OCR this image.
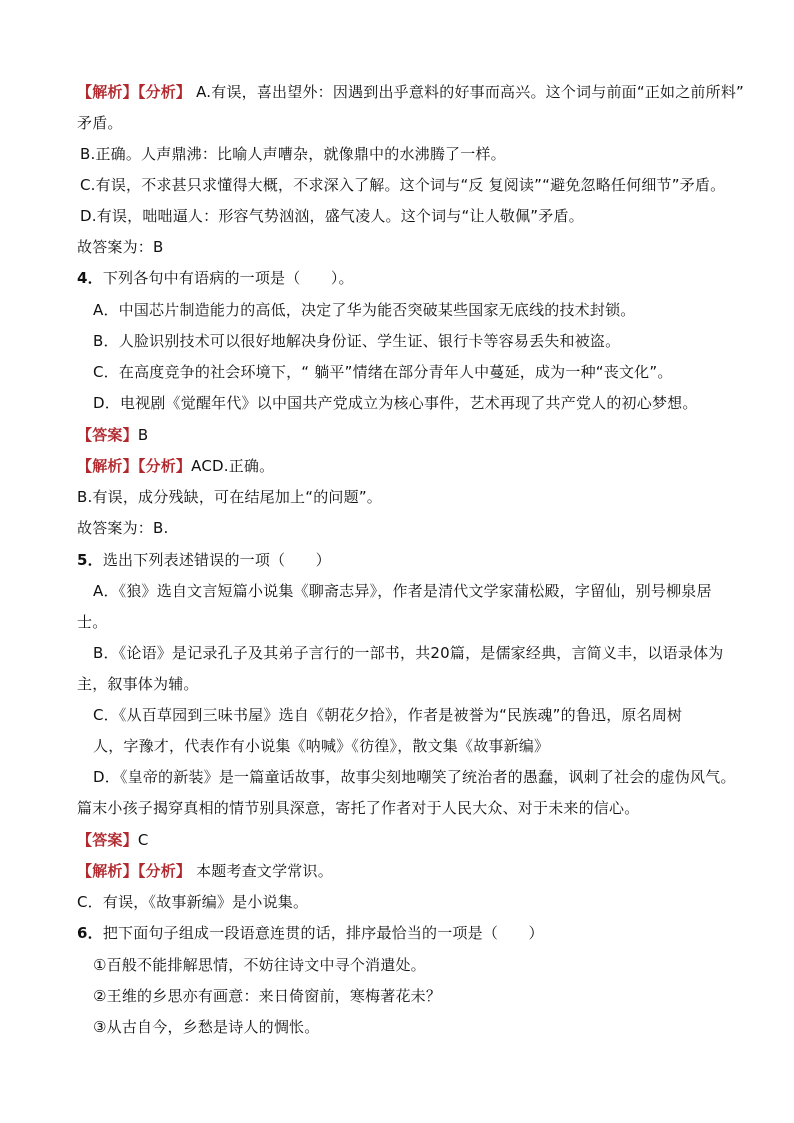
【解析】【分析】 A.有误，喜出望外：因遇到出乎意料的好事而高兴。这个词与前面“正如之前所料”
矛盾。
B.正确。人声鼎沸：比喻人声嘈杂，就像鼎中的水沸腾了一样。
C.有误，不求甚只求懂得大概，不求深入了解。这个词与“反 复阅读”“避免忽略任何细节”矛盾。
D.有误，咄咄逼人：形容气势汹汹，盛气凌人。这个词与“让人敬佩”矛盾。
故答案为：B
4．下列各句中有语病的一项是（　　）。
A．中国芯片制造能力的高低，决定了华为能否突破某些国家无底线的技术封锁。
B．人脸识别技术可以很好地解决身份证、学生证、银行卡等容易丢失和被盗。
C．在高度竞争的社会环境下，“ 躺平”情绪在部分青年人中蔓延，成为一种“丧文化”。
D．电视剧《觉醒年代》以中国共产党成立为核心事件，艺术再现了共产党人的初心梦想。
【答案】B
【解析】【分析】ACD.正确。
B.有误，成分残缺，可在结尾加上“的问题”。
故答案为：B.
5．选出下列表述错误的一项（　　）
A．《狼》选自文言短篇小说集《聊斋志异》，作者是清代文学家蒲松殿，字留仙，别号柳泉居
士。
B．《论语》是记录孔子及其弟子言行的一部书，共20篇，是儒家经典，言简义丰，以语录体为
主，叙事体为辅。
C．《从百草园到三味书屋》选自《朝花夕拾》，作者是被誉为“民族魂”的鲁迅，原名周树
人，字豫才，代表作有小说集《呐喊》《彷徨》，散文集《故事新编》
D．《皇帝的新装》是一篇童话故事，故事尖刻地嘲笑了统治者的愚蠢，讽刺了社会的虚伪风气。
篇末小孩子揭穿真相的情节别具深意，寄托了作者对于人民大众、对于未来的信心。
【答案】C
【解析】【分析】 本题考查文学常识。
C．有误，《故事新编》是小说集。
6．把下面句子组成一段语意连贯的话，排序最恰当的一项是（　　）
①百般不能排解思情，不妨往诗文中寻个消遣处。
②王维的乡思亦有画意：来日倚窗前，寒梅著花未？
③从古自今，乡愁是诗人的惆怅。
